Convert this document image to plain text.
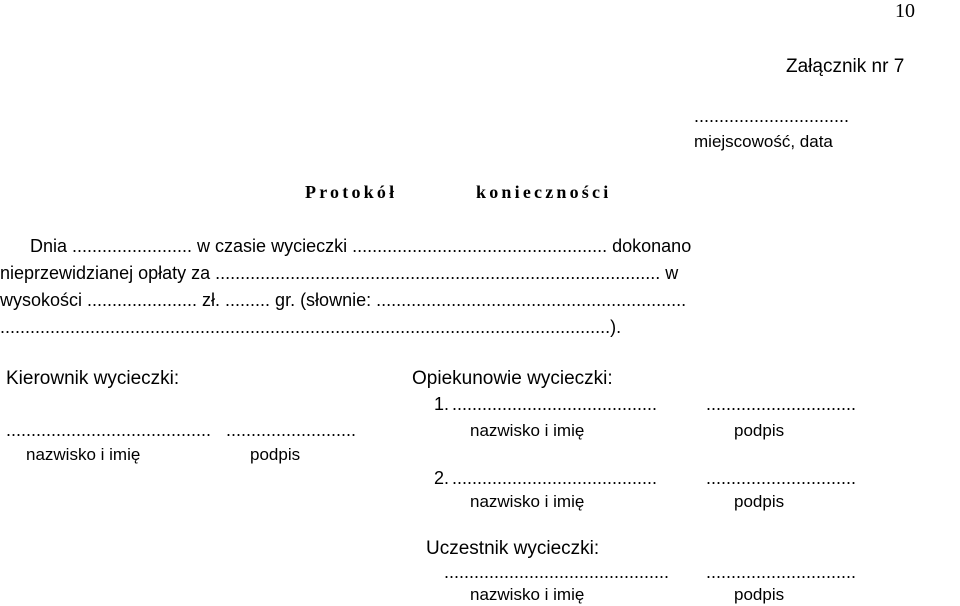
10
Załącznik nr 7
...............................
miejscowość, data
Protokół	konieczności
Dnia ........................ w czasie wycieczki ................................................... dokonano
nieprzewidzianej opłaty za ......................................................................................... w
wysokości ...................... zł. ......... gr. (słownie: ..............................................................
..........................................................................................................................).
Kierownik wycieczki:
......................................... ..........................
nazwisko i imię	podpis
Opiekunowie wycieczki:
1. .........................................	..............................
nazwisko i imię	podpis
2. .........................................	..............................
nazwisko i imię	podpis
Uczestnik wycieczki:
............................................. ..............................
nazwisko i imię	podpis
